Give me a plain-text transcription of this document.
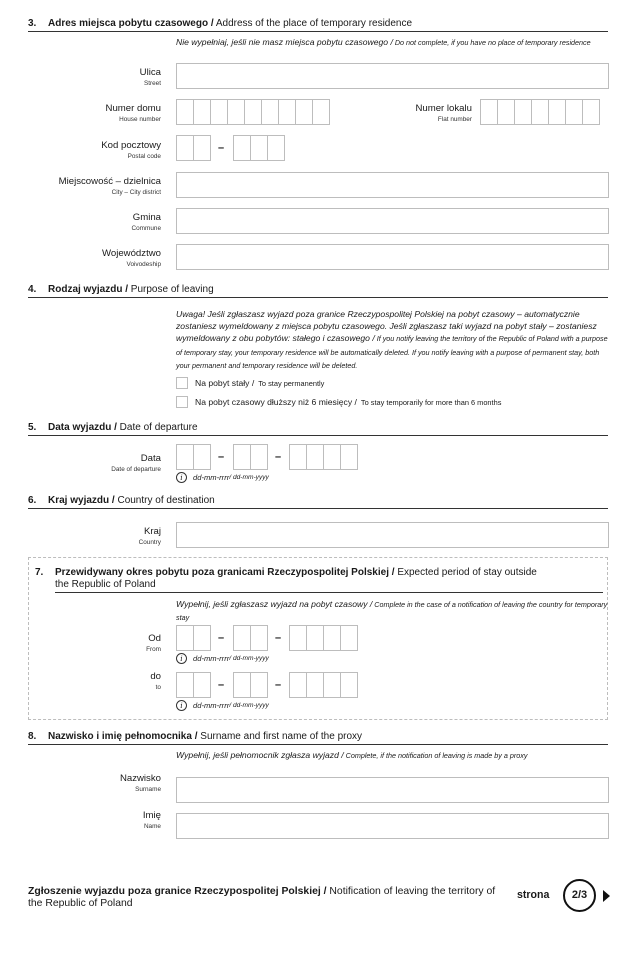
3. Adres miejsca pobytu czasowego / Address of the place of temporary residence
Nie wypełniaj, jeśli nie masz miejsca pobytu czasowego / Do not complete, if you have no place of temporary residence
Ulica
Street
Numer domu
House number
Numer lokalu
Flat number
Kod pocztowy
Postal code
–
Miejscowość – dzielnica
City – City district
Gmina
Commune
Województwo
Voivodeship
4. Rodzaj wyjazdu / Purpose of leaving
Uwaga! Jeśli zgłaszasz wyjazd poza granice Rzeczypospolitej Polskiej na pobyt czasowy – automatycznie zostaniesz wymeldowany z miejsca pobytu czasowego. Jeśli zgłaszasz taki wyjazd na pobyt stały – zostaniesz wymeldowany z obu pobytów: stałego i czasowego / If you notify leaving the territory of the Republic of Poland with a purpose of temporary stay, your temporary residence will be automatically deleted. If you notify leaving with a purpose of permanent stay, both your permanent and temporary residence will be deleted.
Na pobyt stały / To stay permanently
Na pobyt czasowy dłuższy niż 6 miesięcy / To stay temporarily for more than 6 months
5. Data wyjazdu / Date of departure
Data
Date of departure
–	–
i	dd-mm-rrrr / dd-mm-yyyy
6. Kraj wyjazdu / Country of destination
Kraj
Country
7. Przewidywany okres pobytu poza granicami Rzeczypospolitej Polskiej / Expected period of stay outside
the Republic of Poland
Wypełnij, jeśli zgłaszasz wyjazd na pobyt czasowy / Complete in the case of a notification of leaving the country for temporary stay
Od
From
–	–
i	dd-mm-rrrr / dd-mm-yyyy
do
to	–	–
i	dd-mm-rrrr / dd-mm-yyyy
8. Nazwisko i imię pełnomocnika / Surname and first name of the proxy
Wypełnij, jeśli pełnomocnik zgłasza wyjazd / Complete, if the notification of leaving is made by a proxy
Nazwisko
Surname
Imię
Name
Zgłoszenie wyjazdu poza granice Rzeczypospolitej Polskiej / Notification of leaving the territory of the Republic of Poland
strona	2/3
